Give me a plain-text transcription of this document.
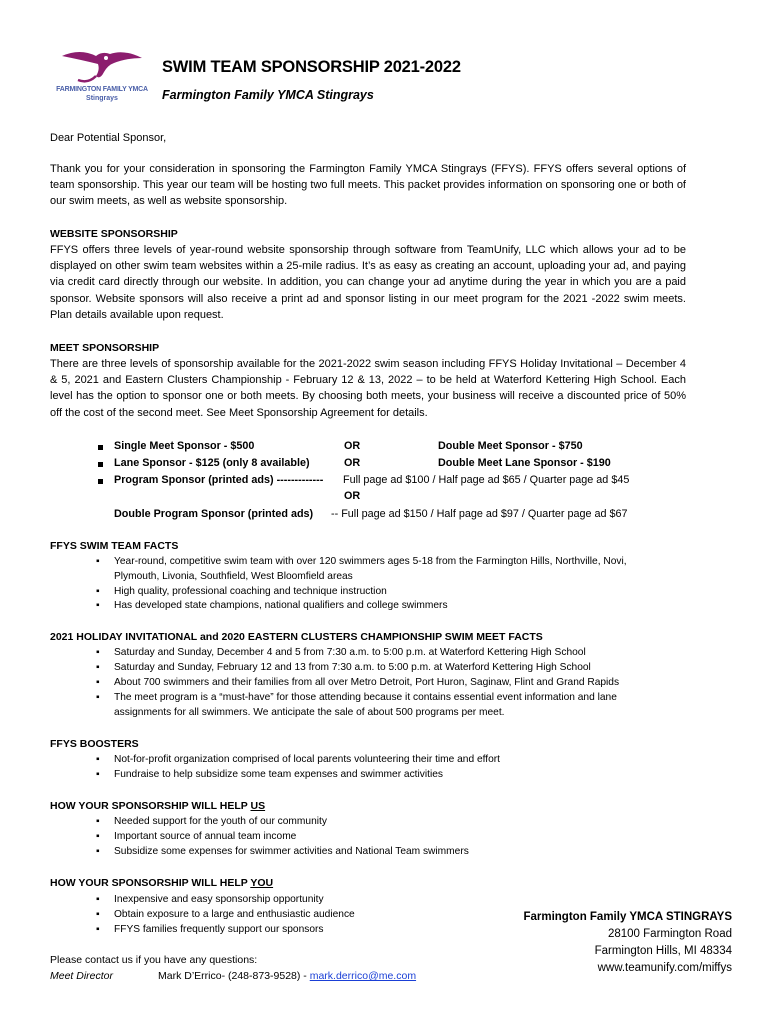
FARMINGTON FAMILY YMCA
Stingrays
SWIM TEAM SPONSORSHIP 2021-2022
Farmington Family YMCA Stingrays
Dear Potential Sponsor,
Thank you for your consideration in sponsoring the Farmington Family YMCA Stingrays (FFYS). FFYS offers several options of team sponsorship. This year our team will be hosting two full meets. This packet provides information on sponsoring one or both of our swim meets, as well as website sponsorship.
WEBSITE SPONSORSHIP
FFYS offers three levels of year-round website sponsorship through software from TeamUnify, LLC which allows your ad to be displayed on other swim team websites within a 25-mile radius. It’s as easy as creating an account, uploading your ad, and paying via credit card directly through our website. In addition, you can change your ad anytime during the year in which you are a paid sponsor. Website sponsors will also receive a print ad and sponsor listing in our meet program for the 2021 -2022 swim meets. Plan details available upon request.
MEET SPONSORSHIP
There are three levels of sponsorship available for the 2021-2022 swim season including FFYS Holiday Invitational – December 4 & 5, 2021 and Eastern Clusters Championship - February 12 & 13, 2022 – to be held at Waterford Kettering High School. Each level has the option to sponsor one or both meets. By choosing both meets, your business will receive a discounted price of 50% off the cost of the second meet. See Meet Sponsorship Agreement for details.
Single Meet Sponsor - $500	OR	Double Meet Sponsor - $750
Lane Sponsor - $125 (only 8 available)	OR	Double Meet Lane Sponsor - $190
Program Sponsor (printed ads) ------------- Full page ad $100 / Half page ad $65 / Quarter page ad $45
OR
Double Program Sponsor (printed ads) -- Full page ad $150 / Half page ad $97 / Quarter page ad $67
FFYS SWIM TEAM FACTS
▪ Year-round, competitive swim team with over 120 swimmers ages 5-18 from the Farmington Hills, Northville, Novi,
Plymouth, Livonia, Southfield, West Bloomfield areas
▪ High quality, professional coaching and technique instruction
▪ Has developed state champions, national qualifiers and college swimmers
2021 HOLIDAY INVITATIONAL and 2020 EASTERN CLUSTERS CHAMPIONSHIP SWIM MEET FACTS
▪ Saturday and Sunday, December 4 and 5 from 7:30 a.m. to 5:00 p.m. at Waterford Kettering High School
▪ Saturday and Sunday, February 12 and 13 from 7:30 a.m. to 5:00 p.m. at Waterford Kettering High School
▪ About 700 swimmers and their families from all over Metro Detroit, Port Huron, Saginaw, Flint and Grand Rapids
▪ The meet program is a “must-have” for those attending because it contains essential event information and lane
assignments for all swimmers. We anticipate the sale of about 500 programs per meet.
FFYS BOOSTERS
▪ Not-for-profit organization comprised of local parents volunteering their time and effort
▪ Fundraise to help subsidize some team expenses and swimmer activities
HOW YOUR SPONSORSHIP WILL HELP US
▪ Needed support for the youth of our community
▪ Important source of annual team income
▪ Subsidize some expenses for swimmer activities and National Team swimmers
HOW YOUR SPONSORSHIP WILL HELP YOU
▪ Inexpensive and easy sponsorship opportunity
▪ Obtain exposure to a large and enthusiastic audience
▪ FFYS families frequently support our sponsors
Farmington Family YMCA STINGRAYS
28100 Farmington Road
Farmington Hills, MI 48334
www.teamunify.com/miffys
Please contact us if you have any questions:
Meet Director	Mark D’Errico- (248-873-9528) - mark.derrico@me.com
